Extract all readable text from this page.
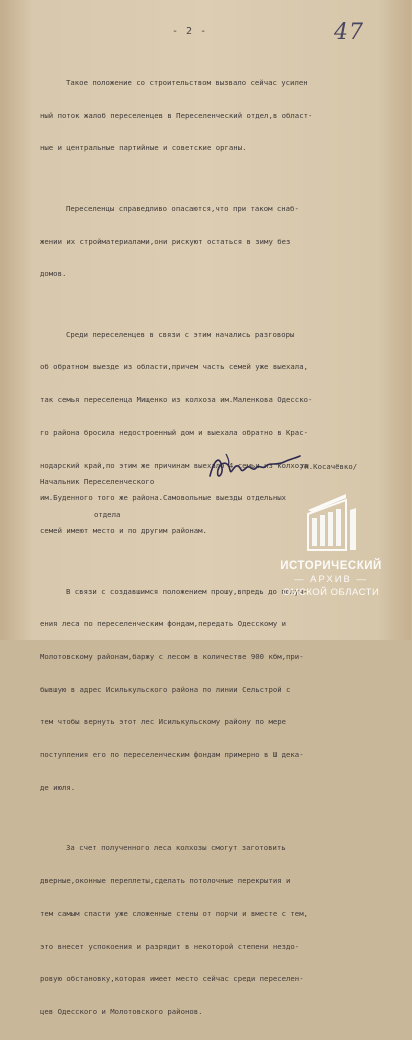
- 2 -	47

Такое положение со строительством вызвало сейчас усилен

ный поток жалоб переселенцев в Переселенческий отдел,в област-

ные и центральные партийные и советские органы.

Переселенцы справедливо опасаются,что при таком снаб-

жении их стройматериалами,они рискуют остаться в зиму без

домов.

Среди переселенцев в связи с этим начались разговоры

об обратном выезде из области,причем часть семей уже выехала,

так семья переселенца Мищенко из колхоза им.Маленкова Одесско-

го района бросила недостроенный дом и выехала обратно в Крас-

нодарский край,по этим же причинам выехало 4 семьи из колхоза

им.Буденного того же района.Самовольные выезды отдельных

семей имеют место и по другим районам.

В связи с создавшимся положением прошу,впредь до получ-

ения леса по переселенческим фондам,передать Одесскому и

Молотовскому районам,баржу с лесом в количестве 900 кбм,при-

бывшую в адрес Исилькульского района по линии Сельстрой с

тем чтобы вернуть этот лес Исилькульскому району по мере

поступления его по переселенческим фондам примерно в Ш дека-

де июля.

За счет полученного леса колхозы смогут заготовить

дверные,оконные переплеты,сделать потолочные перекрытия и

тем самым спасти уже сложенные стены от порчи и вместе с тем,

это внесет успокоения и разрядит в некоторой степени нездо-

ровую обстановку,которая имеет место сейчас среди переселен-

цев Одесского и Молотовского районов.

Начальник Переселенческого

отдела

/Н.Косачёвко/
ИСТОРИЧЕСКИЙ
— АРХИВ —
ОМСКОЙ ОБЛАСТИ
